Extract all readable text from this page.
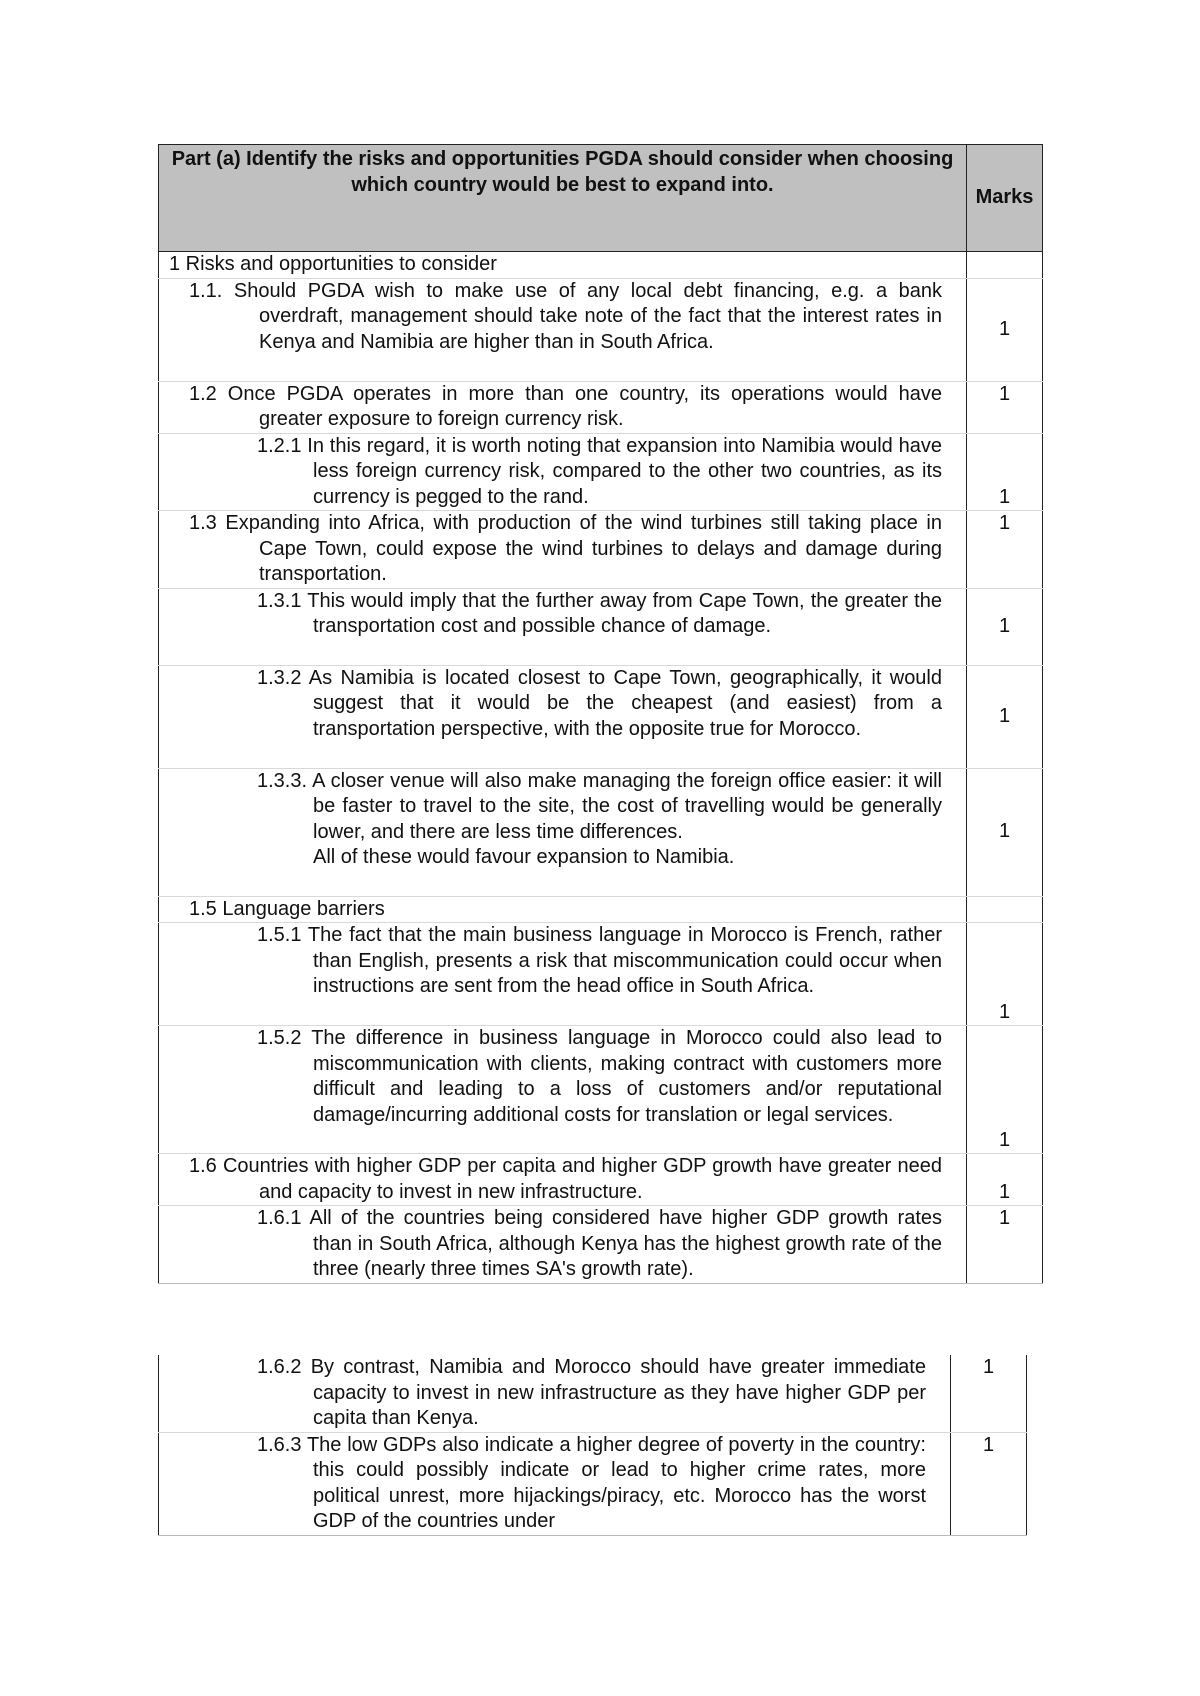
Part (a) Identify the risks and opportunities PGDA should consider when choosing which country would be best to expand into.	Marks

1 Risks and opportunities to consider	

1.1. Should PGDA wish to make use of any local debt financing, e.g. a bank overdraft, management should take note of the fact that the interest rates in Kenya and Namibia are higher than in South Africa.	1

1.2 Once PGDA operates in more than one country, its operations would have greater exposure to foreign currency risk.	1

1.2.1 In this regard, it is worth noting that expansion into Namibia would have less foreign currency risk, compared to the other two countries, as its currency is pegged to the rand.	1

1.3 Expanding into Africa, with production of the wind turbines still taking place in Cape Town, could expose the wind turbines to delays and damage during transportation.	1

1.3.1 This would imply that the further away from Cape Town, the greater the transportation cost and possible chance of damage.	1

1.3.2 As Namibia is located closest to Cape Town, geographically, it would suggest that it would be the cheapest (and easiest) from a transportation perspective, with the opposite true for Morocco.	1

1.3.3. A closer venue will also make managing the foreign office easier: it will be faster to travel to the site, the cost of travelling would be generally lower, and there are less time differences.
All of these would favour expansion to Namibia.	1

1.5 Language barriers	

1.5.1 The fact that the main business language in Morocco is French, rather than English, presents a risk that miscommunication could occur when instructions are sent from the head office in South Africa.	1

1.5.2 The difference in business language in Morocco could also lead to miscommunication with clients, making contract with customers more difficult and leading to a loss of customers and/or reputational damage/incurring additional costs for translation or legal services.	1

1.6 Countries with higher GDP per capita and higher GDP growth have greater need and capacity to invest in new infrastructure.	1

1.6.1 All of the countries being considered have higher GDP growth rates than in South Africa, although Kenya has the highest growth rate of the three (nearly three times SA's growth rate).	1
1.6.2 By contrast, Namibia and Morocco should have greater immediate capacity to invest in new infrastructure as they have higher GDP per capita than Kenya.	1

1.6.3 The low GDPs also indicate a higher degree of poverty in the country: this could possibly indicate or lead to higher crime rates, more political unrest, more hijackings/piracy, etc. Morocco has the worst GDP of the countries under	1
